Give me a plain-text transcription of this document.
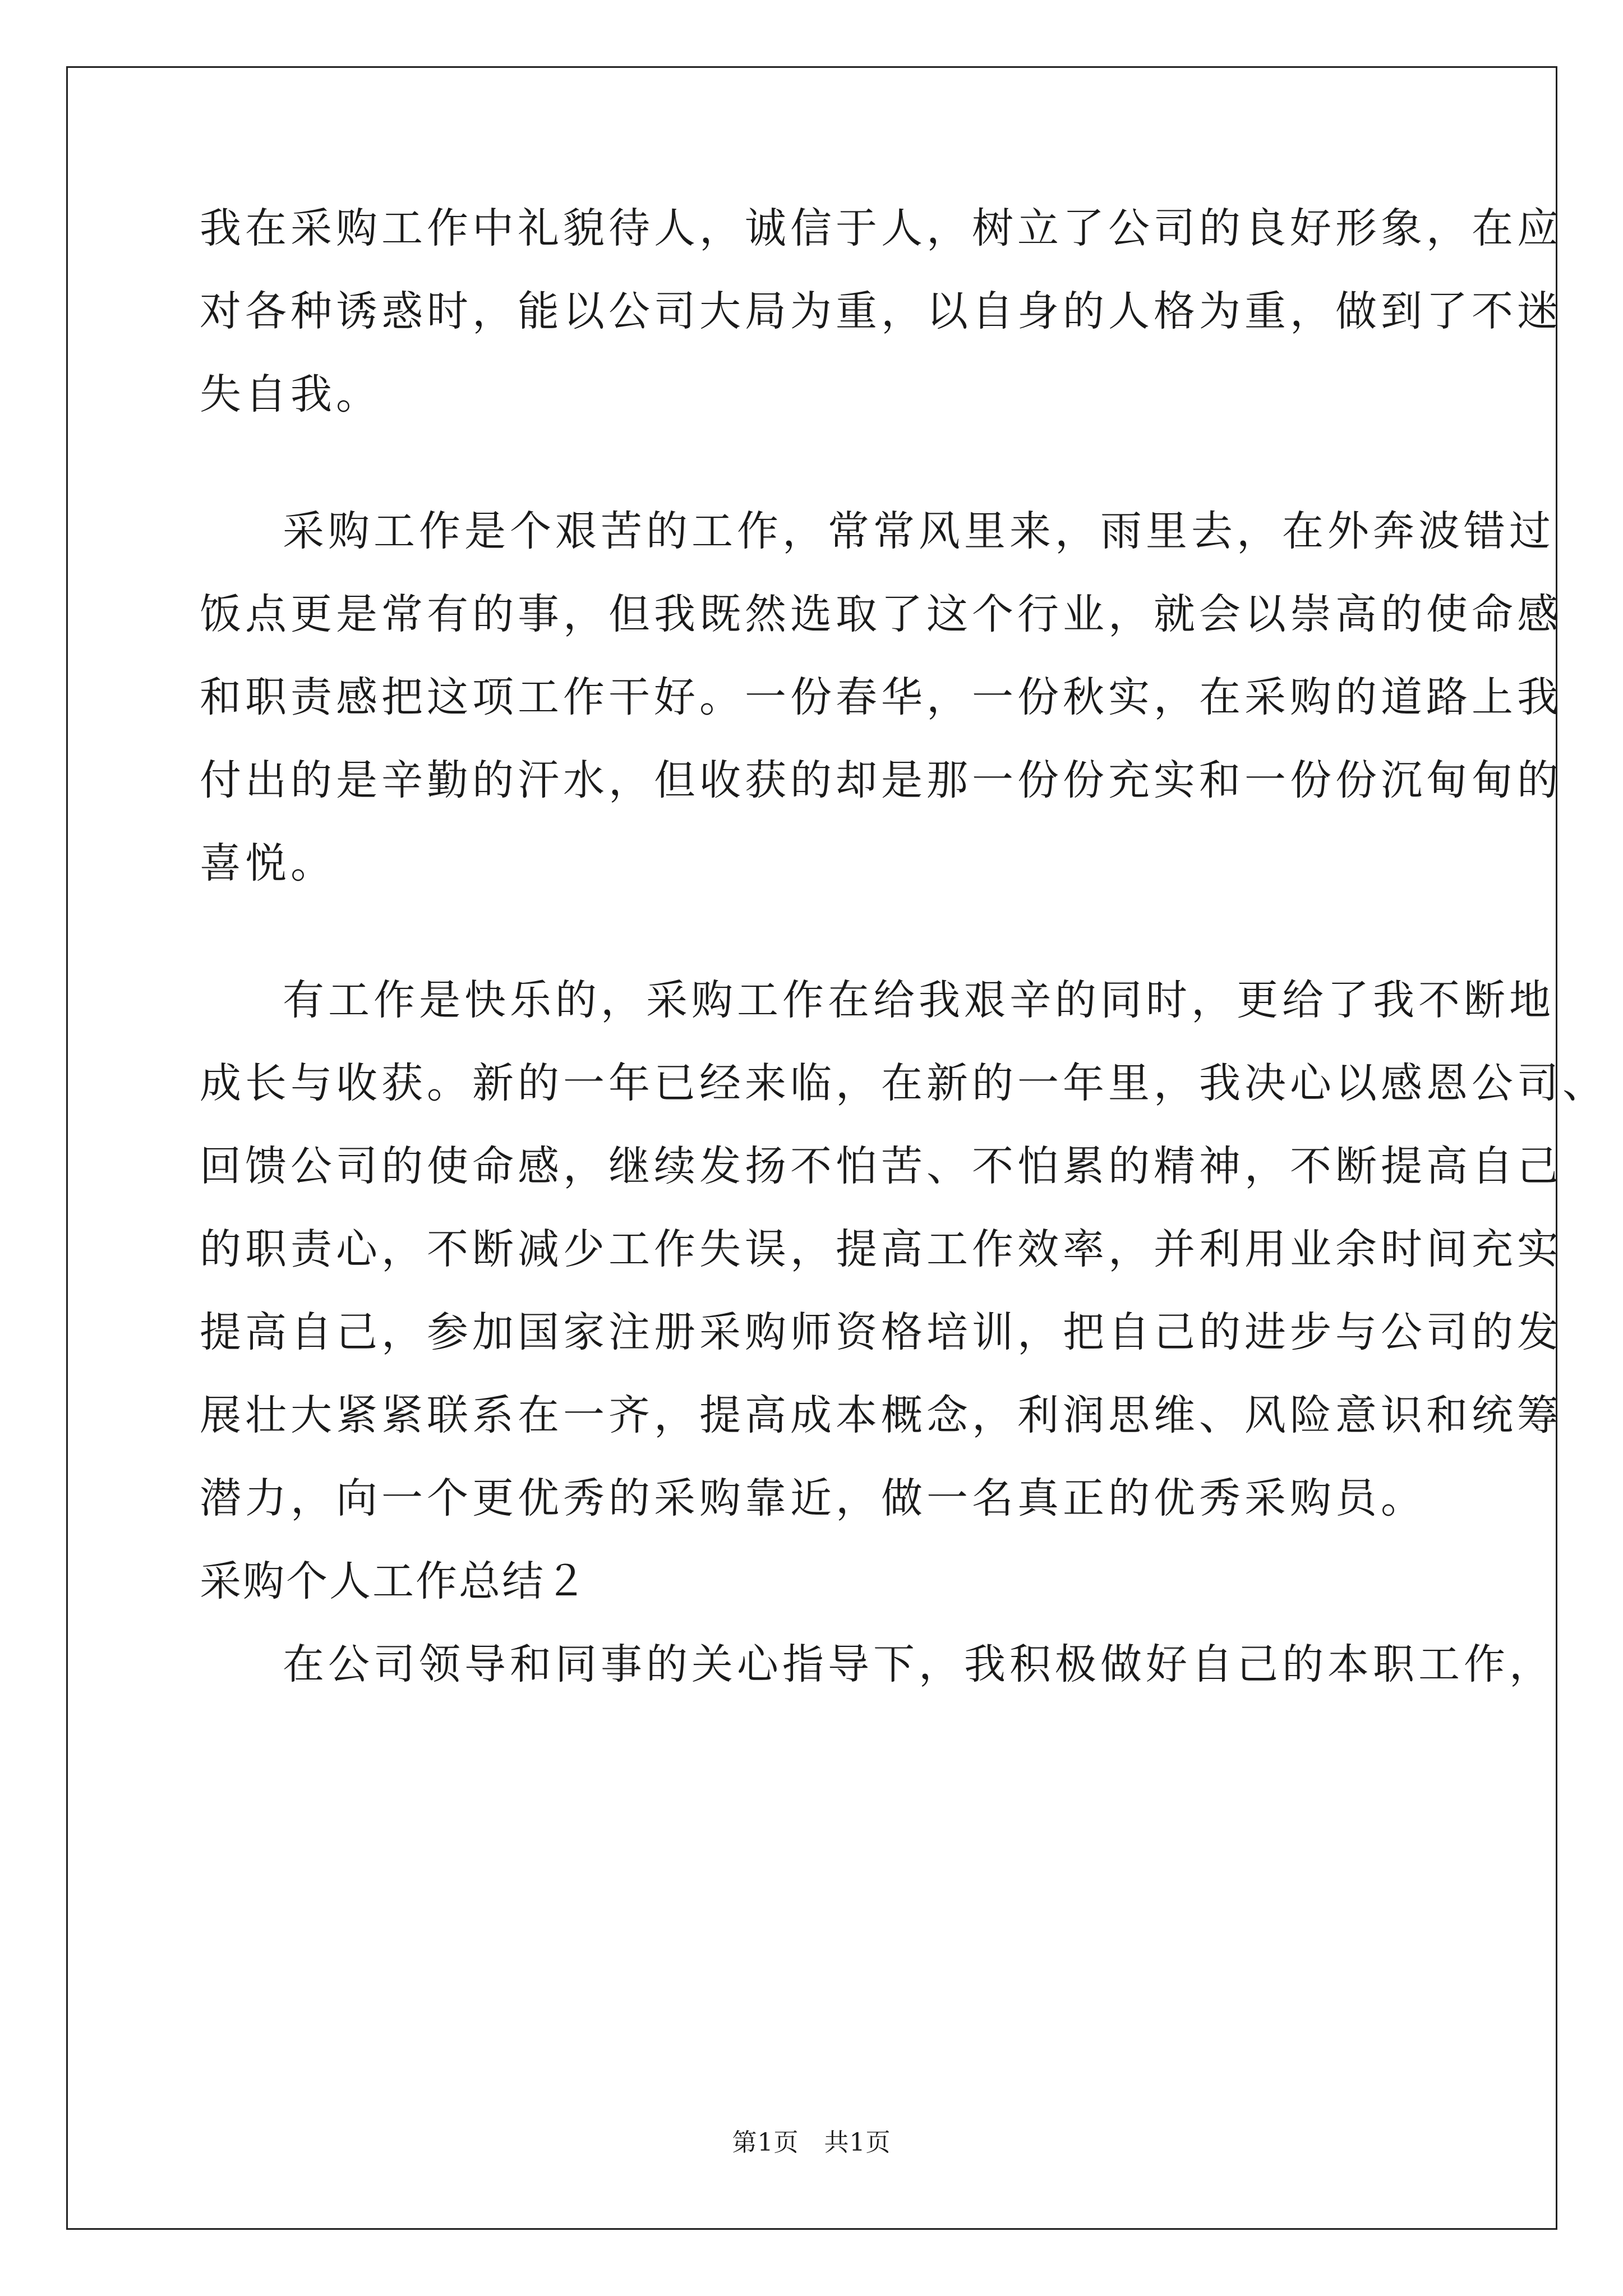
我在采购工作中礼貌待人，诚信于人，树立了公司的良好形象，在应
对各种诱惑时，能以公司大局为重，以自身的人格为重，做到了不迷
失自我。
采购工作是个艰苦的工作，常常风里来，雨里去，在外奔波错过
饭点更是常有的事，但我既然选取了这个行业，就会以崇高的使命感
和职责感把这项工作干好。一份春华，一份秋实，在采购的道路上我
付出的是辛勤的汗水，但收获的却是那一份份充实和一份份沉甸甸的
喜悦。
有工作是快乐的，采购工作在给我艰辛的同时，更给了我不断地
成长与收获。新的一年已经来临，在新的一年里，我决心以感恩公司、
回馈公司的使命感，继续发扬不怕苦、不怕累的精神，不断提高自己
的职责心，不断减少工作失误，提高工作效率，并利用业余时间充实
提高自己，参加国家注册采购师资格培训，把自己的进步与公司的发
展壮大紧紧联系在一齐，提高成本概念，利润思维、风险意识和统筹
潜力，向一个更优秀的采购靠近，做一名真正的优秀采购员。
采购个人工作总结２
在公司领导和同事的关心指导下，我积极做好自己的本职工作，
第1页　共1页
